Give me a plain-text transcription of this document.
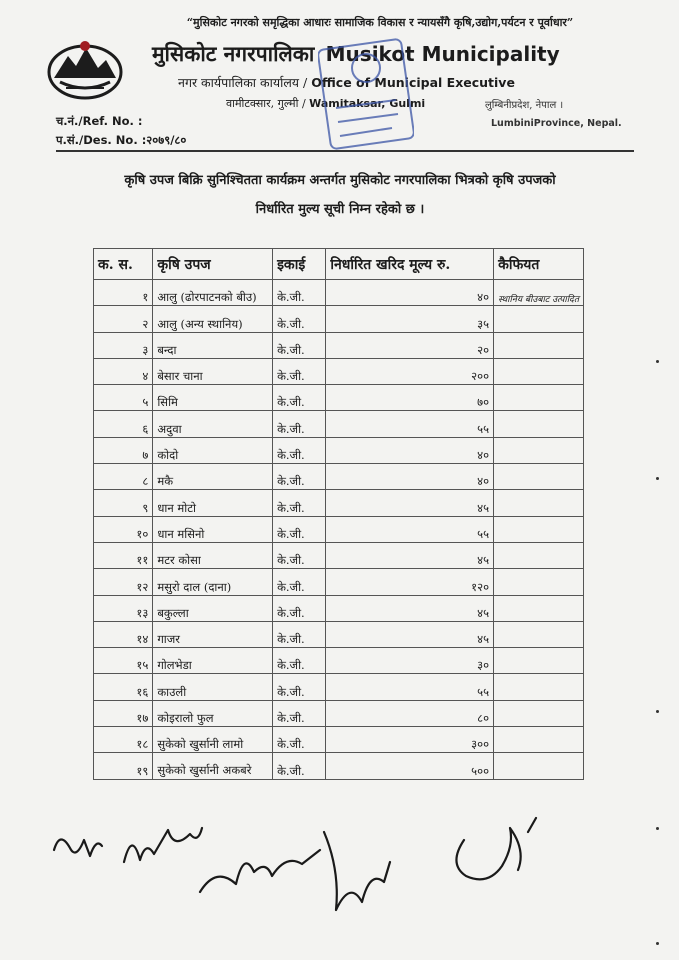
“मुसिकोट नगरको समृद्धिका आधारः सामाजिक विकास र न्यायसँगै कृषि,उद्योग,पर्यटन र पूर्वाधार”
मुसिकोट नगरपालिका Musikot Municipality
नगर कार्यपालिका कार्यालय / Office of Municipal Executive
वामीटक्सार, गुल्मी / Wamitaksar, Gulmi	लुम्बिनीप्रदेश, नेपाल ।
LumbiniProvince, Nepal.
च.नं./Ref. No. :
प.सं./Des. No. :२०७९/८०
कृषि उपज बिक्रि सुनिश्चितता कार्यक्रम अन्तर्गत मुसिकोट नगरपालिका भित्रको कृषि उपजको
निर्धारित मुल्य सूची निम्न रहेको छ ।
क. स.	कृषि उपज	इकाई	निर्धारित खरिद मूल्य रु.	कैफियत
१	आलु (ढोरपाटनको बीउ)	के.जी.	४०	स्थानिय बीउबाट उत्पादित
२	आलु (अन्य स्थानिय)	के.जी.	३५	
३	बन्दा	के.जी.	२०	
४	बेसार चाना	के.जी.	२००	
५	सिमि	के.जी.	७०	
६	अदुवा	के.जी.	५५	
७	कोदो	के.जी.	४०	
८	मकै	के.जी.	४०	
९	धान मोटो	के.जी.	४५	
१०	धान मसिनो	के.जी.	५५	
११	मटर कोसा	के.जी.	४५	
१२	मसुरो दाल (दाना)	के.जी.	१२०	
१३	बकुल्ला	के.जी.	४५	
१४	गाजर	के.जी.	४५	
१५	गोलभेडा	के.जी.	३०	
१६	काउली	के.जी.	५५	
१७	कोइरालो फुल	के.जी.	८०	
१८	सुकेको खुर्सानी लामो	के.जी.	३००	
१९	सुकेको खुर्सानी अकबरे	के.जी.	५००	
